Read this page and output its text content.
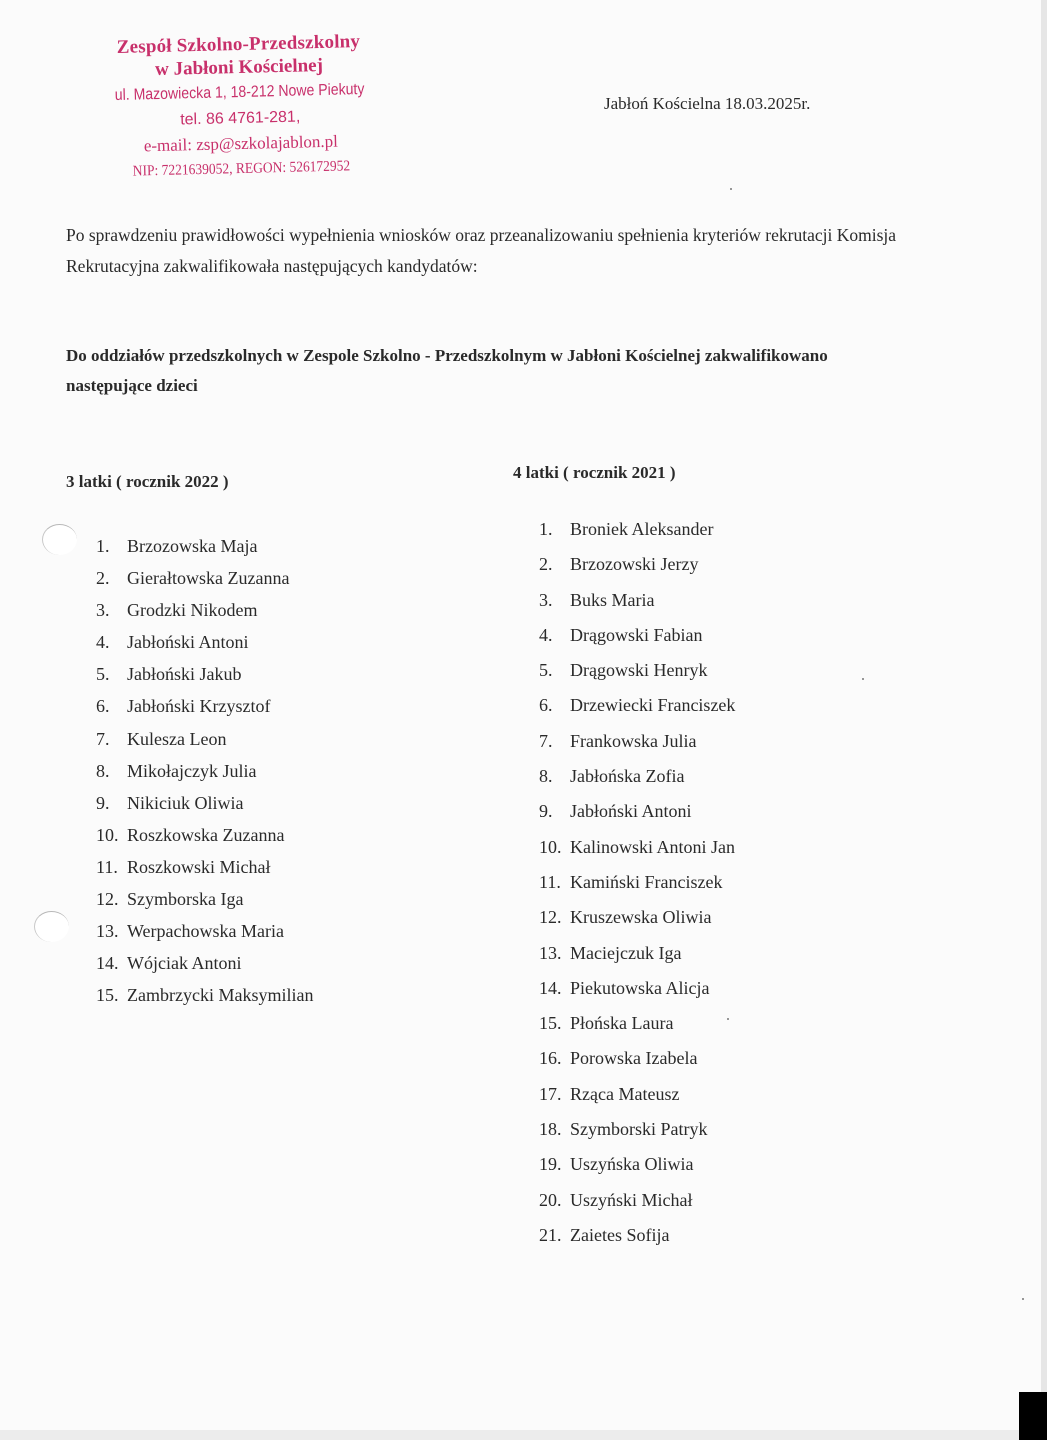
Zespół Szkolno-Przedszkolny
w Jabłoni Kościelnej
ul. Mazowiecka 1, 18-212 Nowe Piekuty
tel. 86 4761-281,
e-mail: zsp@szkolajablon.pl
NIP: 7221639052, REGON: 526172952
Jabłoń Kościelna 18.03.2025r.
Po sprawdzeniu prawidłowości wypełnienia wniosków oraz przeanalizowaniu spełnienia kryteriów rekrutacji Komisja Rekrutacyjna zakwalifikowała następujących kandydatów:
Do oddziałów przedszkolnych w Zespole Szkolno - Przedszkolnym w Jabłoni Kościelnej zakwalifikowano następujące dzieci
3 latki ( rocznik 2022 )
1. Brzozowska Maja
2. Gierałtowska Zuzanna
3. Grodzki Nikodem
4. Jabłoński Antoni
5. Jabłoński Jakub
6. Jabłoński Krzysztof
7. Kulesza Leon
8. Mikołajczyk Julia
9. Nikiciuk Oliwia
10. Roszkowska Zuzanna
11. Roszkowski Michał
12. Szymborska Iga
13. Werpachowska Maria
14. Wójciak Antoni
15. Zambrzycki Maksymilian
4 latki ( rocznik 2021 )
1. Broniek Aleksander
2. Brzozowski Jerzy
3. Buks Maria
4. Drągowski Fabian
5. Drągowski Henryk
6. Drzewiecki Franciszek
7. Frankowska Julia
8. Jabłońska Zofia
9. Jabłoński Antoni
10. Kalinowski Antoni Jan
11. Kamiński Franciszek
12. Kruszewska Oliwia
13. Maciejczuk Iga
14. Piekutowska Alicja
15. Płońska Laura
16. Porowska Izabela
17. Rząca Mateusz
18. Szymborski Patryk
19. Uszyńska Oliwia
20. Uszyński Michał
21. Zaietes Sofija
